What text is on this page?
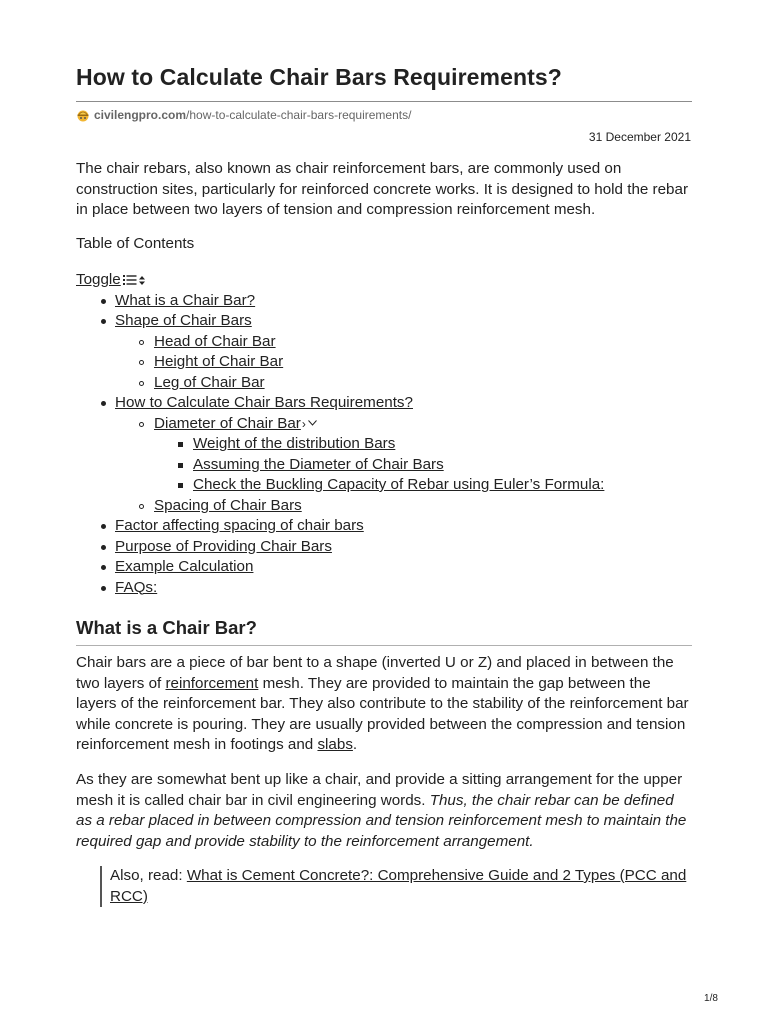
How to Calculate Chair Bars Requirements?
civilengpro.com /how-to-calculate-chair-bars-requirements/
31 December 2021

The chair rebars, also known as chair reinforcement bars, are commonly used on construction sites, particularly for reinforced concrete works. It is designed to hold the rebar in place between two layers of tension and compression reinforcement mesh.

Table of Contents
Toggle
What is a Chair Bar?
Shape of Chair Bars
Head of Chair Bar
Height of Chair Bar
Leg of Chair Bar
How to Calculate Chair Bars Requirements?
Diameter of Chair Bar›
Weight of the distribution Bars
Assuming the Diameter of Chair Bars
Check the Buckling Capacity of Rebar using Euler’s Formula:
Spacing of Chair Bars
Factor affecting spacing of chair bars
Purpose of Providing Chair Bars
Example Calculation
FAQs:
What is a Chair Bar?

Chair bars are a piece of bar bent to a shape (inverted U or Z) and placed in between the two layers of reinforcement mesh. They are provided to maintain the gap between the layers of the reinforcement bar. They also contribute to the stability of the reinforcement bar while concrete is pouring. They are usually provided between the compression and tension reinforcement mesh in footings and slabs.

As they are somewhat bent up like a chair, and provide a sitting arrangement for the upper mesh it is called chair bar in civil engineering words. Thus, the chair rebar can be defined as a rebar placed in between compression and tension reinforcement mesh to maintain the required gap and provide stability to the reinforcement arrangement.

Also, read: What is Cement Concrete?: Comprehensive Guide and 2 Types (PCC and RCC)
1/8
